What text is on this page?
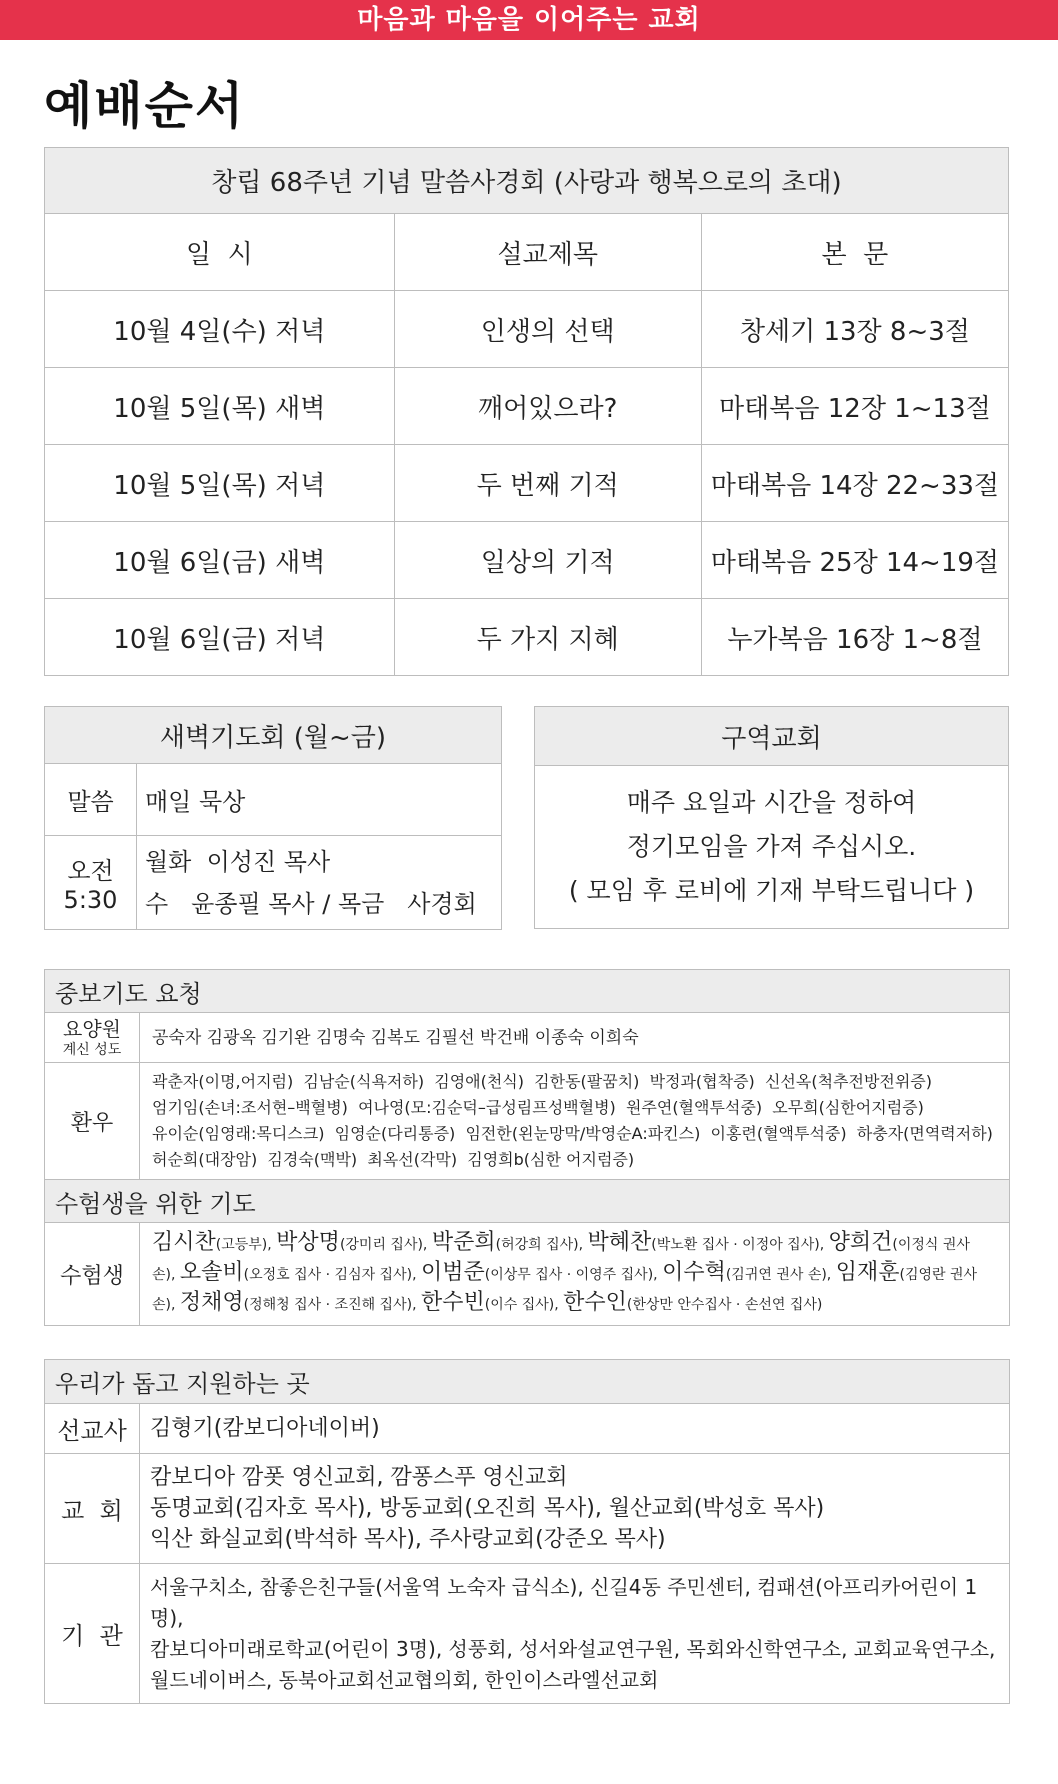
마음과 마음을 이어주는 교회
예배순서
창립 68주년 기념 말씀사경회 (사랑과 행복으로의 초대)		
일  시	설교제목	본  문
10월 4일(수) 저녁	인생의 선택	창세기 13장 8~3절
10월 5일(목) 새벽	깨어있으라?	마태복음 12장 1~13절
10월 5일(목) 저녁	두 번째 기적	마태복음 14장 22~33절
10월 6일(금) 새벽	일상의 기적	마태복음 25장 14~19절
10월 6일(금) 저녁	두 가지 지혜	누가복음 16장 1~8절
새벽기도회 (월~금)	
말씀	매일 묵상
오전 5:30	월화  이성진 목사
수   윤종필 목사 / 목금   사경회
구역교회

매주 요일과 시간을 정하여
정기모임을 가져 주십시오.
( 모임 후 로비에 기재 부탁드립니다 )
중보기도 요청	

요양원
계신 성도	공숙자 김광옥 김기완 김명숙 김복도 김필선 박건배 이종숙 이희숙
환우	곽춘자(이명,어지럼)  김남순(식욕저하)  김영애(천식)  김한동(팔꿈치)  박정과(협착증)  신선옥(척추전방전위증)
엄기임(손녀:조서현–백혈병)  여나영(모:김순덕–급성림프성백혈병)  원주연(혈액투석중)  오무희(심한어지럼증)
유이순(임영래:목디스크)  임영순(다리통증)  임전한(왼눈망막/박영순A:파킨스)  이홍련(혈액투석중)  하충자(면역력저하)
허순희(대장암)  김경숙(맥박)  최옥선(각막)  김영희b(심한 어지럼증)

수험생을 위한 기도	
수험생	김시찬(고등부), 박상명(강미리 집사), 박준희(허강희 집사), 박혜찬(박노환 집사 · 이정아 집사), 양희건(이정식 권사 손), 오솔비(오정호 집사 · 김심자 집사), 이범준(이상무 집사 · 이영주 집사), 이수혁(김귀연 권사 손), 임재훈(김영란 권사 손), 정채영(정해청 집사 · 조진해 집사), 한수빈(이수 집사), 한수인(한상만 안수집사 · 손선연 집사)
우리가 돕고 지원하는 곳	
선교사	김형기(캄보디아네이버)
교  회	캄보디아 깜폿 영신교회, 깜퐁스푸 영신교회
동명교회(김자호 목사), 방동교회(오진희 목사), 월산교회(박성호 목사)
익산 화실교회(박석하 목사), 주사랑교회(강준오 목사)

기  관	서울구치소, 참좋은친구들(서울역 노숙자 급식소), 신길4동 주민센터, 컴패션(아프리카어린이 1명),
캄보디아미래로학교(어린이 3명), 성풍회, 성서와설교연구원, 목회와신학연구소, 교회교육연구소,
월드네이버스, 동북아교회선교협의회, 한인이스라엘선교회
